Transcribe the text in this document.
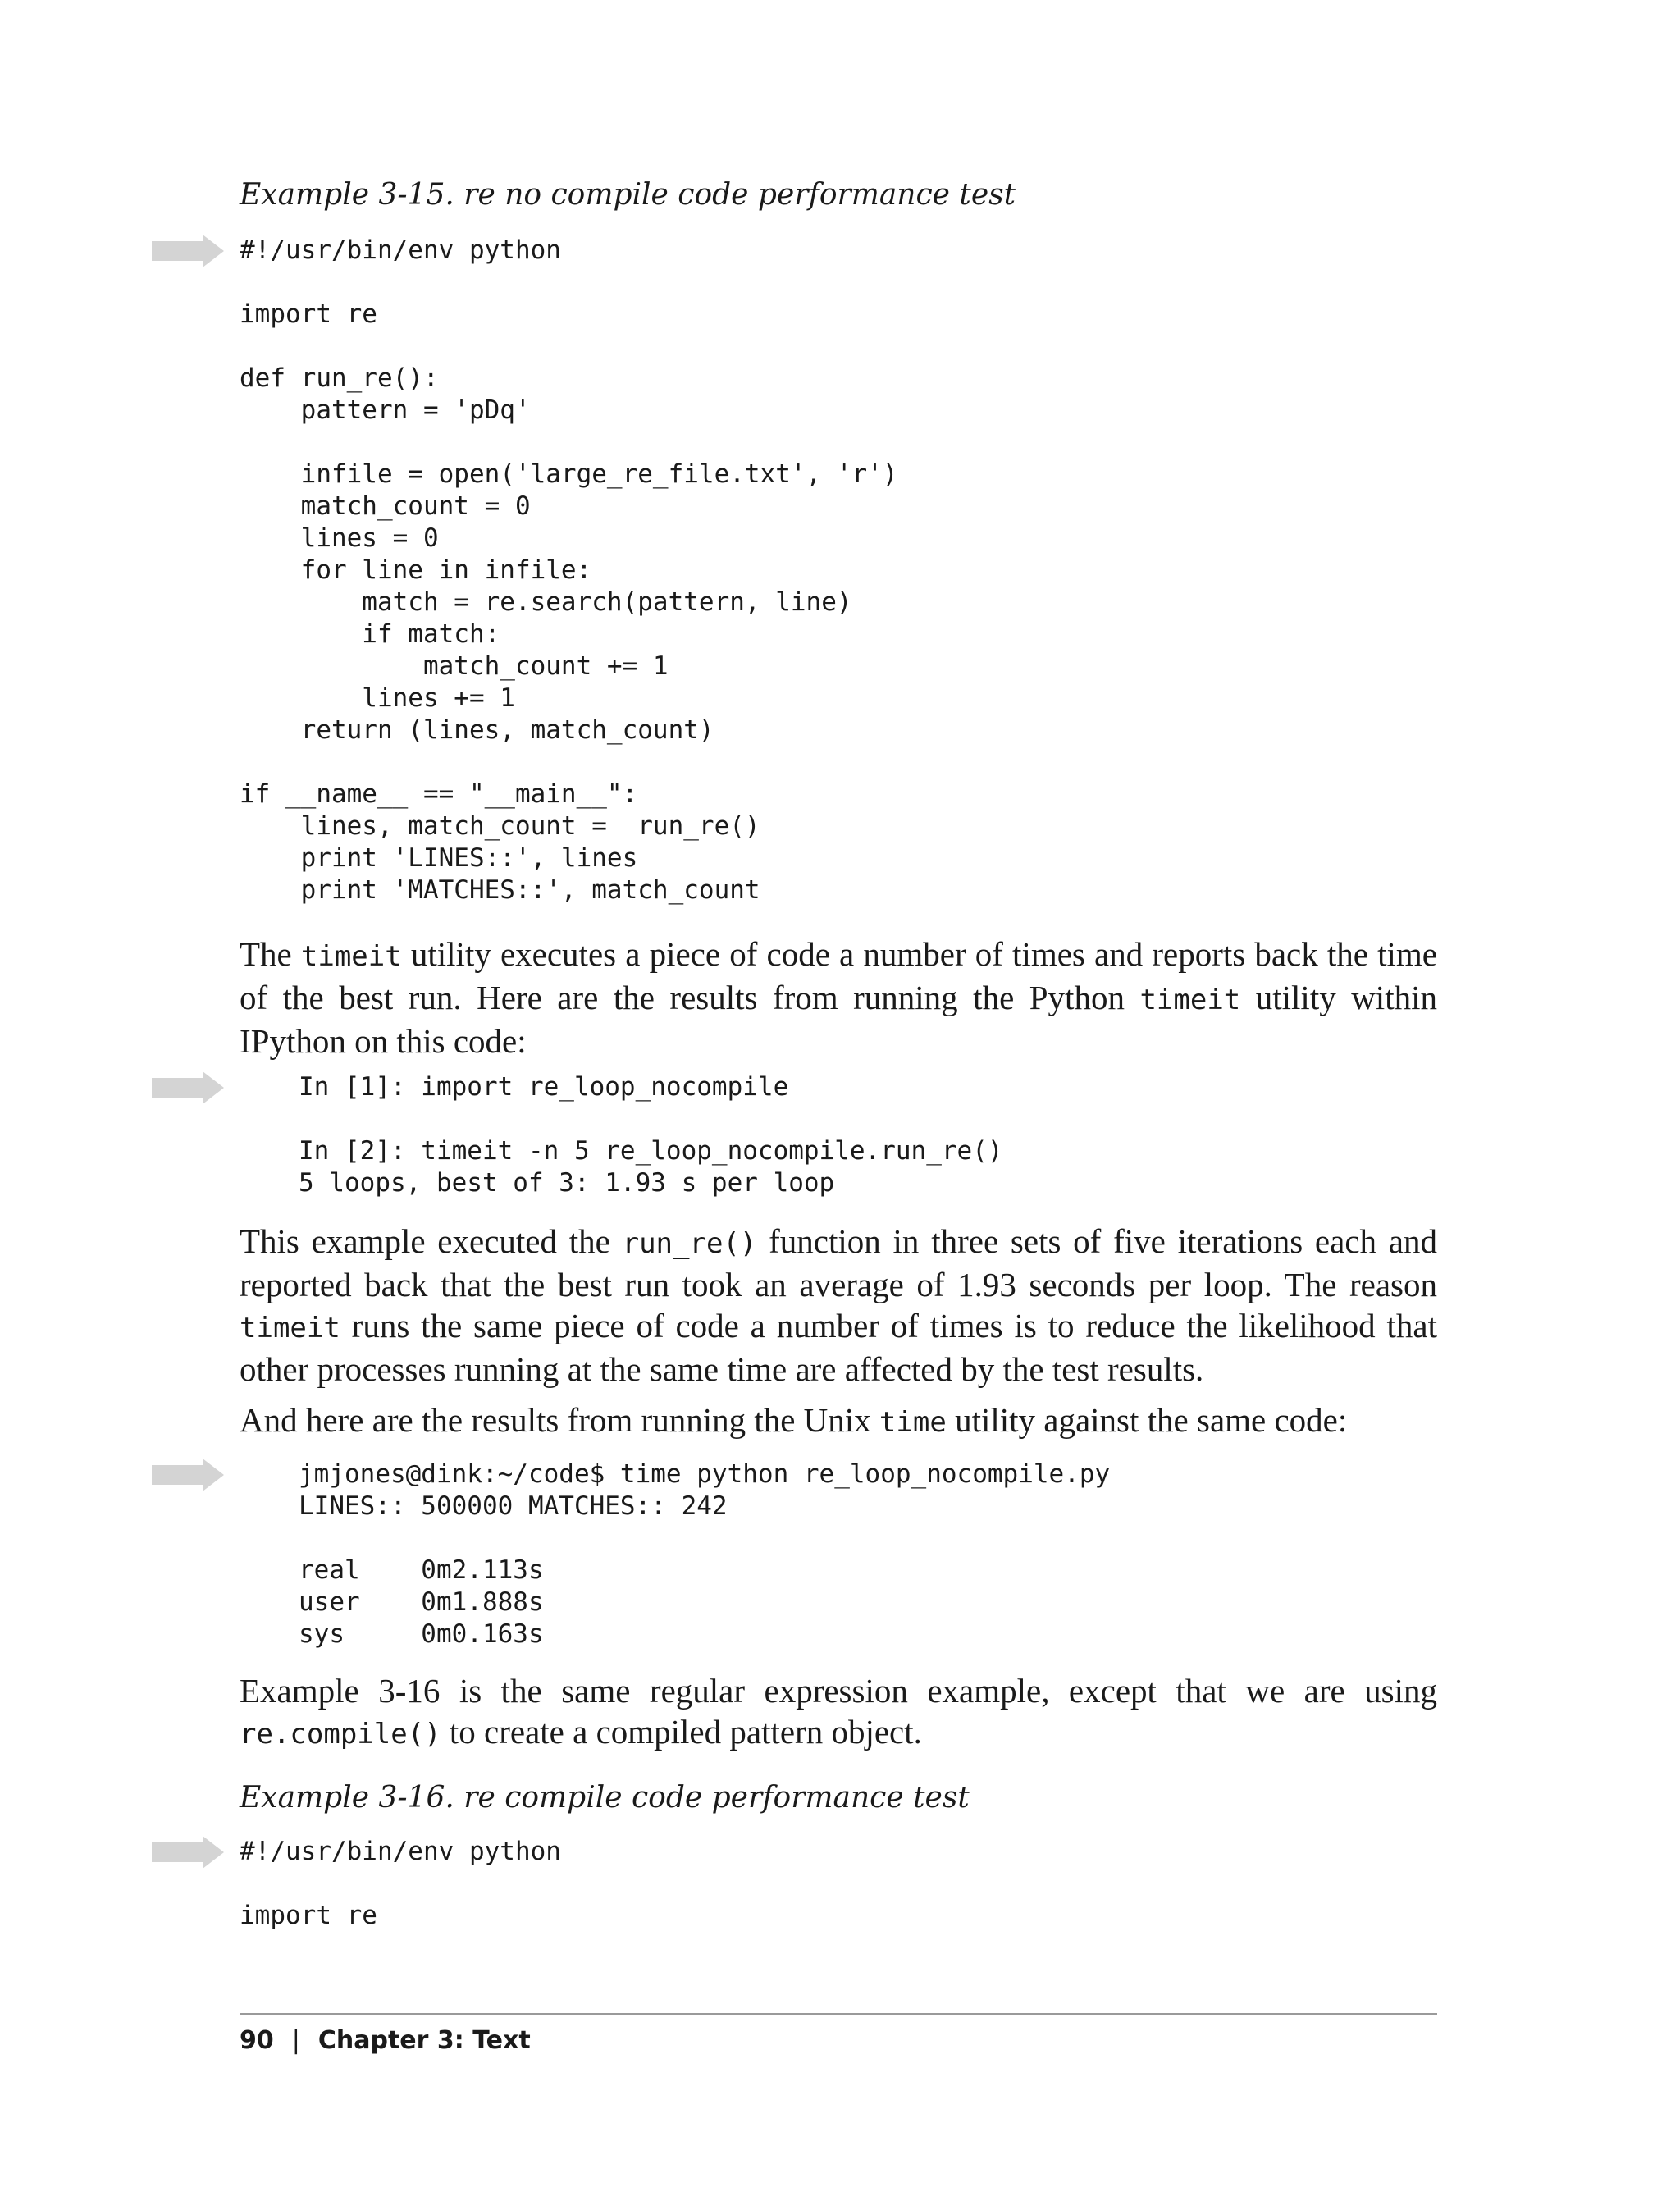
Example 3-15. re no compile code performance test

#!/usr/bin/env python

import re

def run_re():
pattern = 'pDq'

infile = open('large_re_file.txt', 'r')
match_count = 0
lines = 0
for line in infile:
match = re.search(pattern, line)
if match:
match_count += 1
lines += 1
return (lines, match_count)

if __name__ == "__main__":
lines, match_count =  run_re()
print 'LINES::', lines
print 'MATCHES::', match_count

The timeit utility executes a piece of code a number of times and reports back the time of the best run. Here are the results from running the Python timeit utility within IPython on this code:

In [1]: import re_loop_nocompile

In [2]: timeit -n 5 re_loop_nocompile.run_re()
5 loops, best of 3: 1.93 s per loop

This example executed the run_re() function in three sets of five iterations each and reported back that the best run took an average of 1.93 seconds per loop. The reason timeit runs the same piece of code a number of times is to reduce the likelihood that other processes running at the same time are affected by the test results.

And here are the results from running the Unix time utility against the same code:

jmjones@dink:~/code$ time python re_loop_nocompile.py
LINES:: 500000 MATCHES:: 242

real    0m2.113s
user    0m1.888s
sys     0m0.163s

Example 3-16 is the same regular expression example, except that we are using re.compile() to create a compiled pattern object.

Example 3-16. re compile code performance test

#!/usr/bin/env python

import re
90 | Chapter 3: Text
